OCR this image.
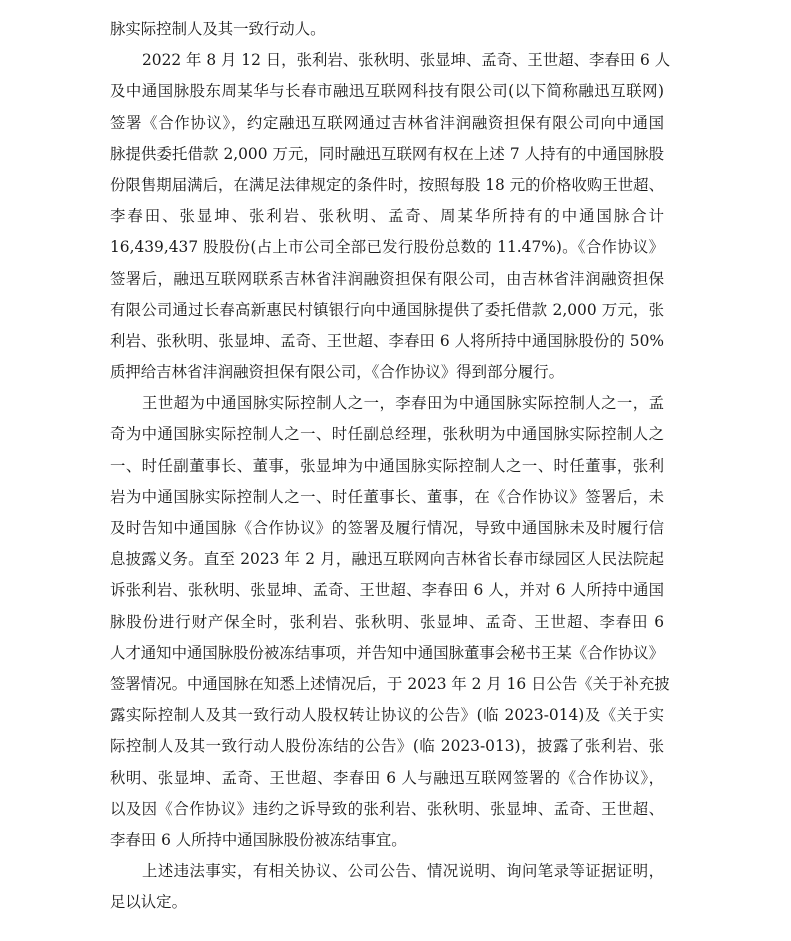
脉实际控制人及其一致行动人。
2022 年 8 月 12 日，张利岩、张秋明、张显坤、孟奇、王世超、李春田 6 人
及中通国脉股东周某华与长春市融迅互联网科技有限公司(以下简称融迅互联网)
签署《合作协议》，约定融迅互联网通过吉林省沣润融资担保有限公司向中通国
脉提供委托借款 2,000 万元，同时融迅互联网有权在上述 7 人持有的中通国脉股
份限售期届满后，在满足法律规定的条件时，按照每股 18 元的价格收购王世超、
李春田、张显坤、张利岩、张秋明、孟奇、周某华所持有的中通国脉合计
16,439,437 股股份(占上市公司全部已发行股份总数的 11.47%)。《合作协议》
签署后，融迅互联网联系吉林省沣润融资担保有限公司，由吉林省沣润融资担保
有限公司通过长春高新惠民村镇银行向中通国脉提供了委托借款 2,000 万元，张
利岩、张秋明、张显坤、孟奇、王世超、李春田 6 人将所持中通国脉股份的 50%
质押给吉林省沣润融资担保有限公司，《合作协议》得到部分履行。
王世超为中通国脉实际控制人之一，李春田为中通国脉实际控制人之一，孟
奇为中通国脉实际控制人之一、时任副总经理，张秋明为中通国脉实际控制人之
一、时任副董事长、董事，张显坤为中通国脉实际控制人之一、时任董事，张利
岩为中通国脉实际控制人之一、时任董事长、董事，在《合作协议》签署后，未
及时告知中通国脉《合作协议》的签署及履行情况，导致中通国脉未及时履行信
息披露义务。直至 2023 年 2 月，融迅互联网向吉林省长春市绿园区人民法院起
诉张利岩、张秋明、张显坤、孟奇、王世超、李春田 6 人，并对 6 人所持中通国
脉股份进行财产保全时，张利岩、张秋明、张显坤、孟奇、王世超、李春田 6
人才通知中通国脉股份被冻结事项，并告知中通国脉董事会秘书王某《合作协议》
签署情况。中通国脉在知悉上述情况后，于 2023 年 2 月 16 日公告《关于补充披
露实际控制人及其一致行动人股权转让协议的公告》(临 2023-014)及《关于实
际控制人及其一致行动人股份冻结的公告》(临 2023-013)，披露了张利岩、张
秋明、张显坤、孟奇、王世超、李春田 6 人与融迅互联网签署的《合作协议》，
以及因《合作协议》违约之诉导致的张利岩、张秋明、张显坤、孟奇、王世超、
李春田 6 人所持中通国脉股份被冻结事宜。
上述违法事实，有相关协议、公司公告、情况说明、询问笔录等证据证明，
足以认定。
